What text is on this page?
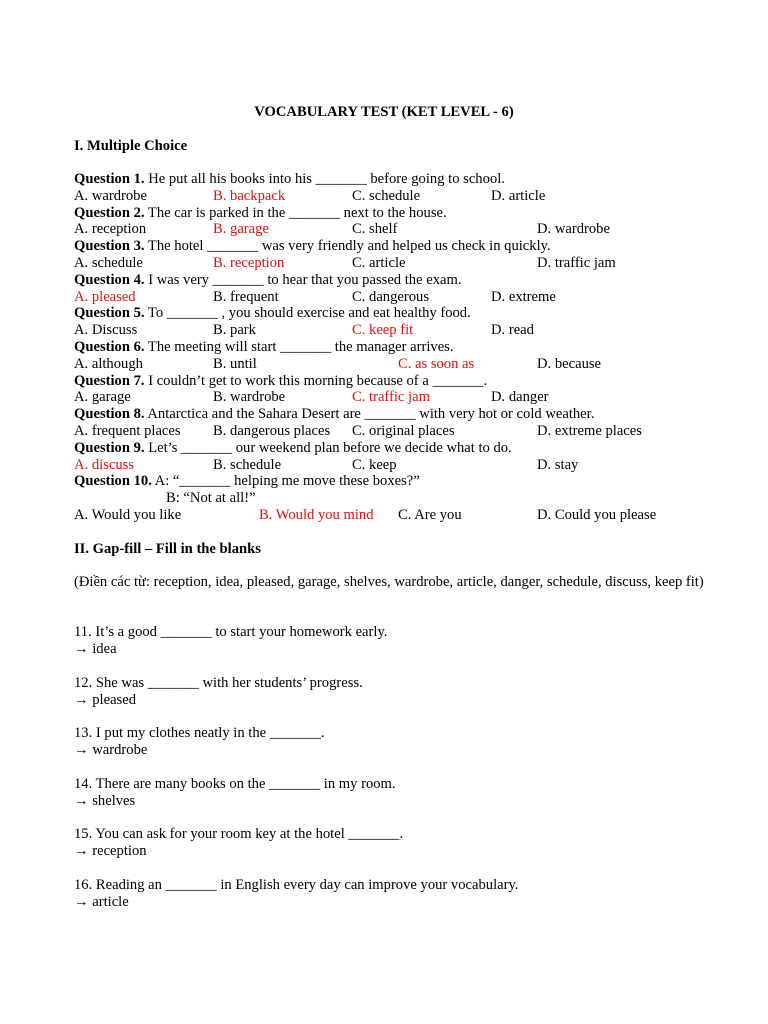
VOCABULARY TEST (KET LEVEL - 6)
I. Multiple Choice
Question 1. He put all his books into his _______ before going to school.
A. wardrobe	B. backpack	C. schedule	D. article
Question 2. The car is parked in the _______ next to the house.
A. reception	B. garage	C. shelf	D. wardrobe
Question 3. The hotel _______ was very friendly and helped us check in quickly.
A. schedule	B. reception	C. article	D. traffic jam
Question 4. I was very _______ to hear that you passed the exam.
A. pleased	B. frequent	C. dangerous	D. extreme
Question 5. To _______ , you should exercise and eat healthy food.
A. Discuss	B. park	C. keep fit	D. read
Question 6. The meeting will start _______ the manager arrives.
A. although	B. until	C. as soon as	D. because
Question 7. I couldn’t get to work this morning because of a _______.
A. garage	B. wardrobe	C. traffic jam	D. danger
Question 8. Antarctica and the Sahara Desert are _______ with very hot or cold weather.
A. frequent places B. dangerous places C. original places	D. extreme places
Question 9. Let’s _______ our weekend plan before we decide what to do.
A. discuss	B. schedule	C. keep	D. stay
Question 10. A: “_______ helping me move these boxes?”
B: “Not at all!”
A. Would you like	B. Would you mind C. Are you	D. Could you please
II. Gap-fill – Fill in the blanks
(Điền các từ: reception, idea, pleased, garage, shelves, wardrobe, article, danger, schedule, discuss, keep fit)
11. It’s a good _______ to start your homework early.
→ idea
12. She was _______ with her students’ progress.
→ pleased
13. I put my clothes neatly in the _______.
→ wardrobe
14. There are many books on the _______ in my room.
→ shelves
15. You can ask for your room key at the hotel _______.
→ reception
16. Reading an _______ in English every day can improve your vocabulary.
→ article
